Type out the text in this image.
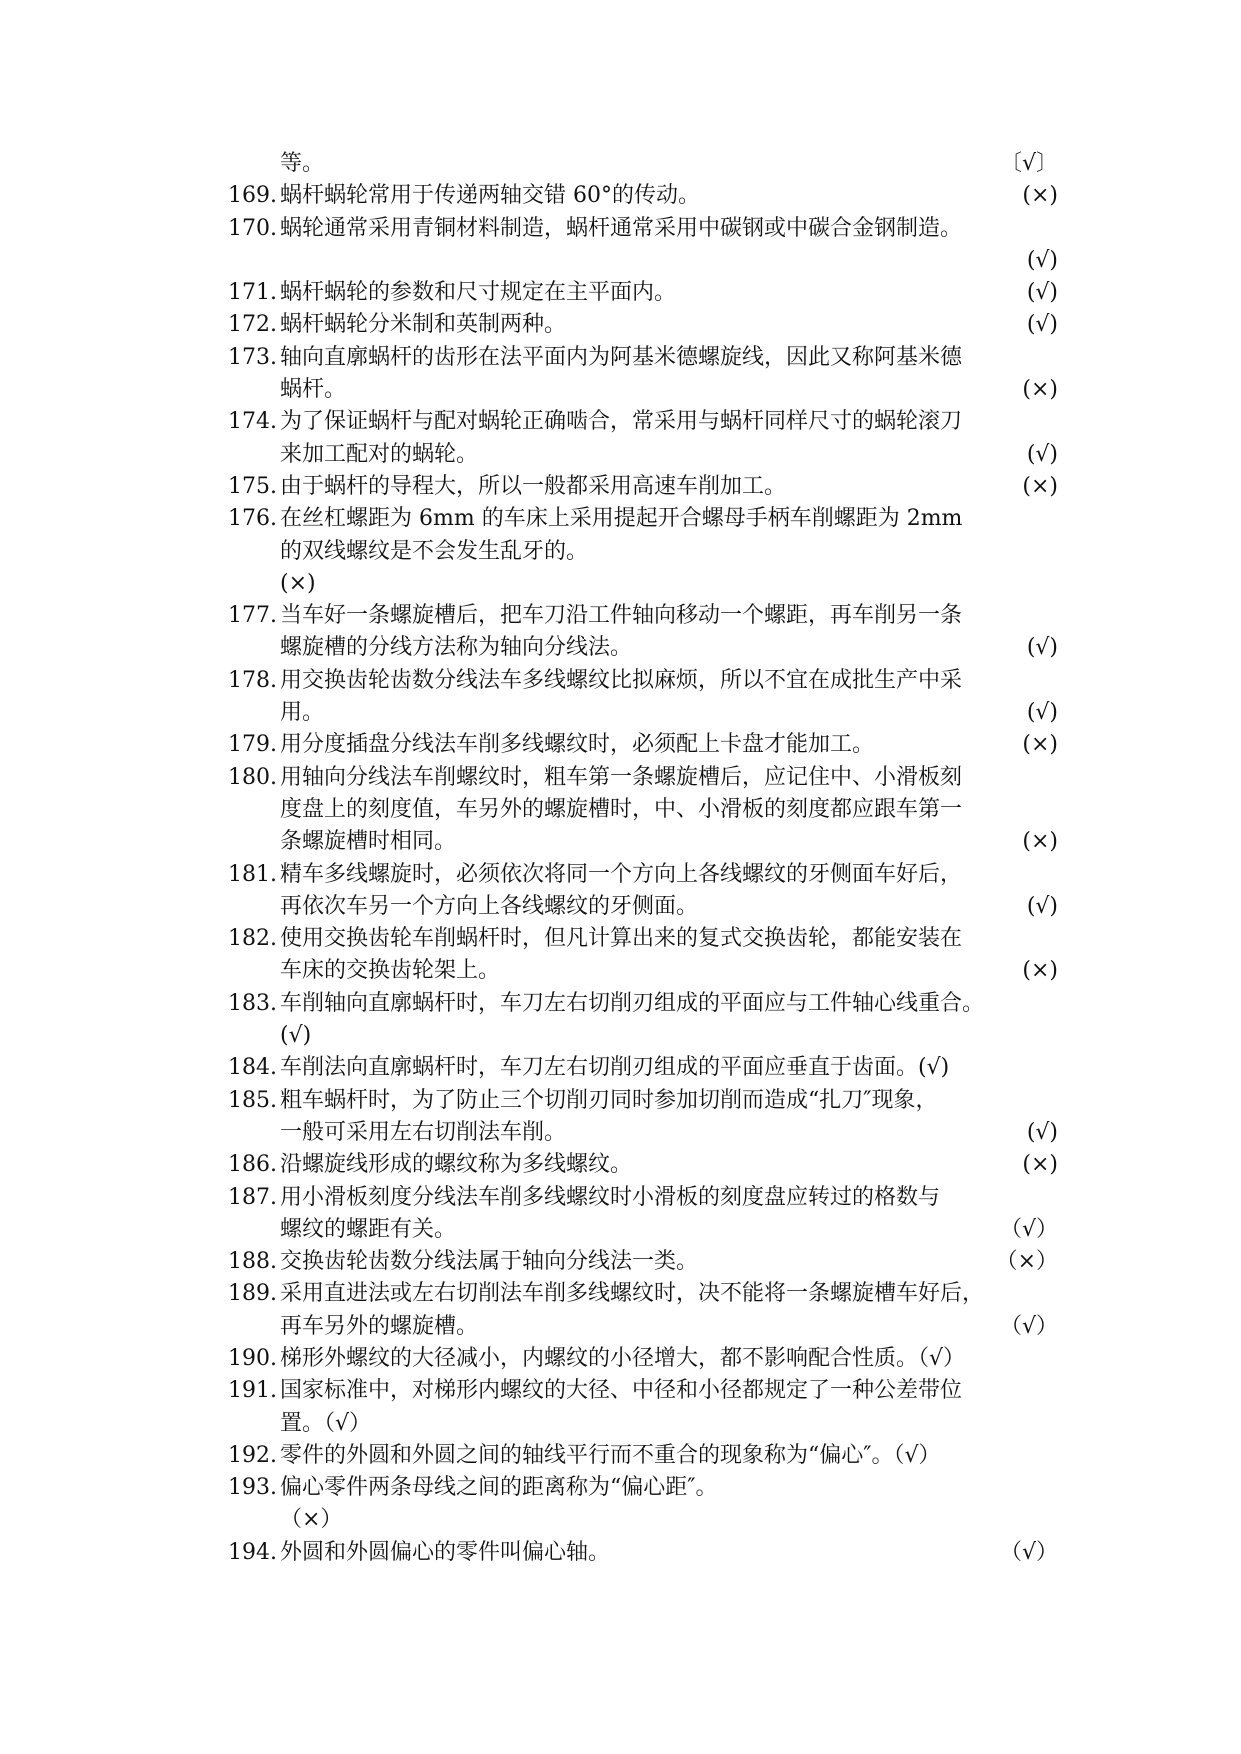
等。	〔√〕
169. 蜗杆蜗轮常用于传递两轴交错 60°的传动。	(×)
170. 蜗轮通常采用青铜材料制造，蜗杆通常采用中碳钢或中碳合金钢制造。
(√)
171. 蜗杆蜗轮的参数和尺寸规定在主平面内。	(√)
172. 蜗杆蜗轮分米制和英制两种。	(√)
173. 轴向直廓蜗杆的齿形在法平面内为阿基米德螺旋线，因此又称阿基米德
蜗杆。	(×)
174. 为了保证蜗杆与配对蜗轮正确啮合，常采用与蜗杆同样尺寸的蜗轮滚刀
来加工配对的蜗轮。	(√)
175. 由于蜗杆的导程大，所以一般都采用高速车削加工。	(×)
176. 在丝杠螺距为 6mm 的车床上采用提起开合螺母手柄车削螺距为 2mm
的双线螺纹是不会发生乱牙的。
(×)
177. 当车好一条螺旋槽后，把车刀沿工件轴向移动一个螺距，再车削另一条
螺旋槽的分线方法称为轴向分线法。	(√)
178. 用交换齿轮齿数分线法车多线螺纹比拟麻烦，所以不宜在成批生产中采
用。	(√)
179. 用分度插盘分线法车削多线螺纹时，必须配上卡盘才能加工。	(×)
180. 用轴向分线法车削螺纹时，粗车第一条螺旋槽后，应记住中、小滑板刻
度盘上的刻度值，车另外的螺旋槽时，中、小滑板的刻度都应跟车第一
条螺旋槽时相同。	(×)
181. 精车多线螺旋时，必须依次将同一个方向上各线螺纹的牙侧面车好后，
再依次车另一个方向上各线螺纹的牙侧面。	(√)
182. 使用交换齿轮车削蜗杆时，但凡计算出来的复式交换齿轮，都能安装在
车床的交换齿轮架上。	(×)
183. 车削轴向直廓蜗杆时，车刀左右切削刃组成的平面应与工件轴心线重合。
(√)
184. 车削法向直廓蜗杆时，车刀左右切削刃组成的平面应垂直于齿面。(√)
185. 粗车蜗杆时，为了防止三个切削刃同时参加切削而造成“扎刀″现象，
一般可采用左右切削法车削。	(√)
186. 沿螺旋线形成的螺纹称为多线螺纹。	(×)
187. 用小滑板刻度分线法车削多线螺纹时小滑板的刻度盘应转过的格数与
螺纹的螺距有关。	（√）
188. 交换齿轮齿数分线法属于轴向分线法一类。	（×）
189. 采用直进法或左右切削法车削多线螺纹时，决不能将一条螺旋槽车好后，
再车另外的螺旋槽。	（√）
190. 梯形外螺纹的大径减小，内螺纹的小径增大，都不影响配合性质。（√）
191. 国家标准中，对梯形内螺纹的大径、中径和小径都规定了一种公差带位
置。（√）
192. 零件的外圆和外圆之间的轴线平行而不重合的现象称为“偏心″。（√）
193. 偏心零件两条母线之间的距离称为“偏心距″。
（×）
194. 外圆和外圆偏心的零件叫偏心轴。	（√）
